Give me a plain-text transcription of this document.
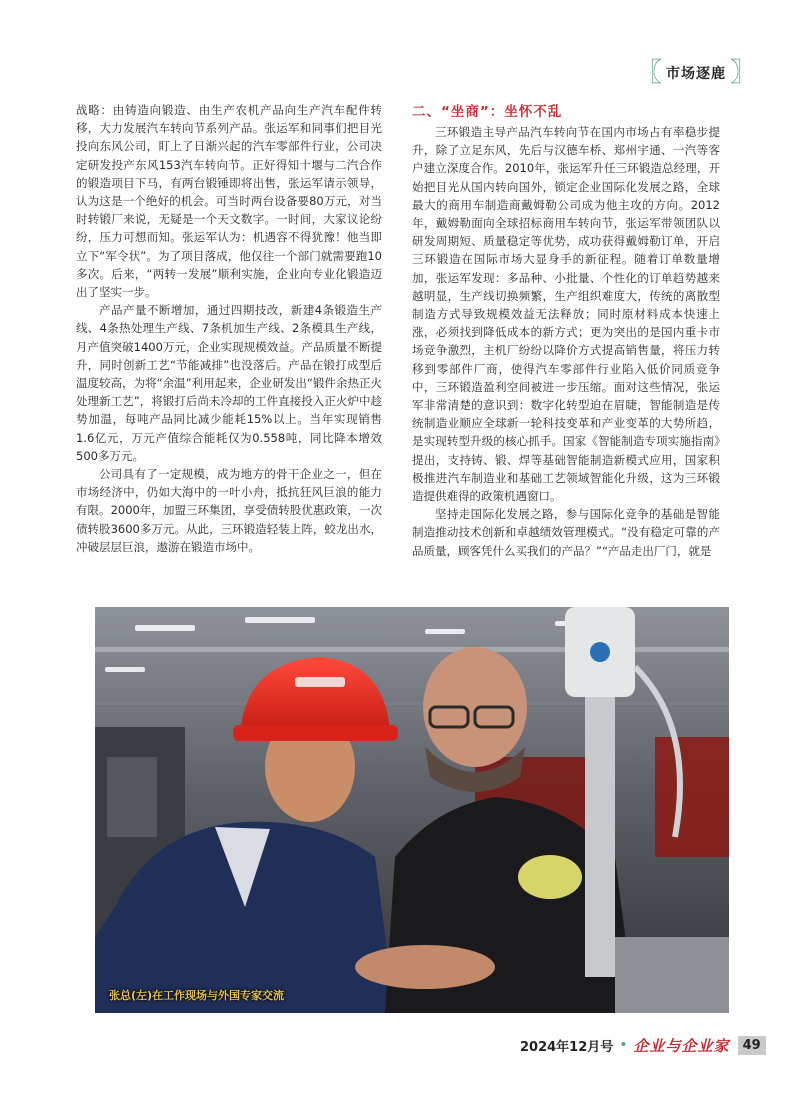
〖 市场逐鹿 〗

战略：由铸造向锻造、由生产农机产品向生产汽车配件转移，大力发展汽车转向节系列产品。张运军和同事们把目光投向东风公司，盯上了日渐兴起的汽车零部件行业，公司决定研发投产东风153汽车转向节。正好得知十堰与二汽合作的锻造项目下马，有两台锻锤即将出售，张运军请示领导，认为这是一个绝好的机会。可当时两台设备要80万元，对当时转锻厂来说，无疑是一个天文数字。一时间，大家议论纷纷，压力可想而知。张运军认为：机遇容不得犹豫！他当即立下“军令状”。为了项目落成，他仅往一个部门就需要跑10多次。后来，“两转一发展”顺利实施，企业向专业化锻造迈出了坚实一步。

产品产量不断增加，通过四期技改，新建4条锻造生产线、4条热处理生产线、7条机加生产线、2条模具生产线，月产值突破1400万元，企业实现规模效益。产品质量不断提升，同时创新工艺“节能减排”也没落后。产品在锻打成型后温度较高，为将“余温”利用起来，企业研发出“锻件余热正火处理新工艺”，将锻打后尚未冷却的工件直接投入正火炉中趁势加温，每吨产品同比减少能耗15%以上。当年实现销售1.6亿元，万元产值综合能耗仅为0.558吨，同比降本增效500多万元。

公司具有了一定规模，成为地方的骨干企业之一，但在市场经济中，仍如大海中的一叶小舟，抵抗狂风巨浪的能力有限。2000年，加盟三环集团，享受债转股优惠政策，一次债转股3600多万元。从此，三环锻造轻装上阵，蛟龙出水，冲破层层巨浪，遨游在锻造市场中。

二、“坐商”：坐怀不乱

三环锻造主导产品汽车转向节在国内市场占有率稳步提升，除了立足东风，先后与汉德车桥、郑州宇通、一汽等客户建立深度合作。2010年，张运军升任三环锻造总经理，开始把目光从国内转向国外，锁定企业国际化发展之路，全球最大的商用车制造商戴姆勒公司成为他主攻的方向。2012年，戴姆勒面向全球招标商用车转向节，张运军带领团队以研发周期短、质量稳定等优势，成功获得戴姆勒订单，开启三环锻造在国际市场大显身手的新征程。随着订单数量增加，张运军发现：多品种、小批量、个性化的订单趋势越来越明显，生产线切换频繁，生产组织难度大，传统的离散型制造方式导致规模效益无法释放；同时原材料成本快速上涨，必须找到降低成本的新方式；更为突出的是国内重卡市场竞争激烈，主机厂纷纷以降价方式提高销售量，将压力转移到零部件厂商，使得汽车零部件行业陷入低价同质竞争中，三环锻造盈利空间被进一步压缩。面对这些情况，张运军非常清楚的意识到：数字化转型迫在眉睫，智能制造是传统制造业顺应全球新一轮科技变革和产业变革的大势所趋，是实现转型升级的核心抓手。国家《智能制造专项实施指南》提出，支持铸、锻、焊等基础智能制造新模式应用，国家积极推进汽车制造业和基础工艺领域智能化升级，这为三环锻造提供难得的政策机遇窗口。

坚持走国际化发展之路，参与国际化竞争的基础是智能制造推动技术创新和卓越绩效管理模式。“没有稳定可靠的产品质量，顾客凭什么买我们的产品？”“产品走出厂门，就是

张总(左)在工作现场与外国专家交流
2024年12月号 • 企业与企业家	49
